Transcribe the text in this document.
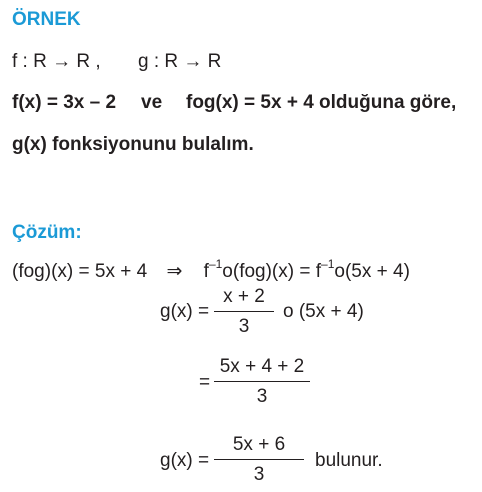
ÖRNEK
f : R → R , g : R → R
f(x) = 3x – 2 ve fog(x) = 5x + 4 olduğuna göre,
g(x) fonksiyonunu bulalım.
Çözüm:
(fog)(x) = 5x + 4 ⇒ $f^{-1}o(fog)(x) = f^{-1}o(5x + 4)$
g(x) =
x + 2
3
o (5x + 4)
=
5x + 4 + 2
3
g(x) =
5x + 6
3
bulunur.
